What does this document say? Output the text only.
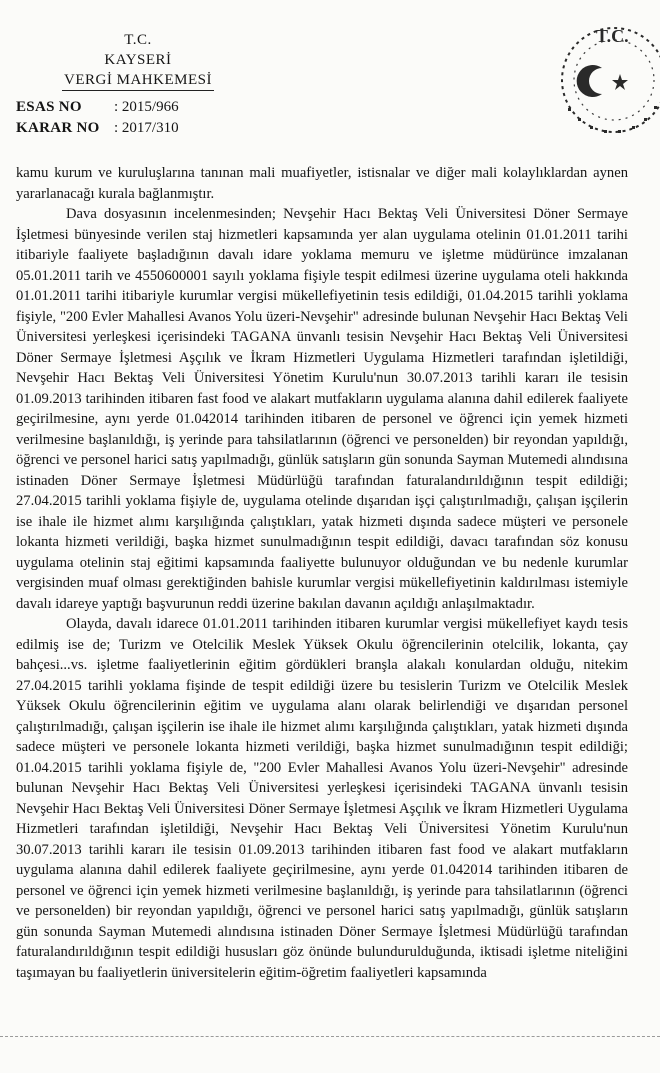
T.C.
KAYSERİ
VERGİ MAHKEMESİ
ESAS NO	: 2015/966
KARAR NO : 2017/310
T.C.

kamu kurum ve kuruluşlarına tanınan mali muafiyetler, istisnalar ve diğer mali kolaylıklardan aynen yararlanacağı kurala bağlanmıştır.

Dava dosyasının incelenmesinden; Nevşehir Hacı Bektaş Veli Üniversitesi Döner Sermaye İşletmesi bünyesinde verilen staj hizmetleri kapsamında yer alan uygulama otelinin 01.01.2011 tarihi itibariyle faaliyete başladığının davalı idare yoklama memuru ve işletme müdürünce imzalanan 05.01.2011 tarih ve 4550600001 sayılı yoklama fişiyle tespit edilmesi üzerine uygulama oteli hakkında 01.01.2011 tarihi itibariyle kurumlar vergisi mükellefiyetinin tesis edildiği, 01.04.2015 tarihli yoklama fişiyle, "200 Evler Mahallesi Avanos Yolu üzeri-Nevşehir" adresinde bulunan Nevşehir Hacı Bektaş Veli Üniversitesi yerleşkesi içerisindeki TAGANA ünvanlı tesisin Nevşehir Hacı Bektaş Veli Üniversitesi Döner Sermaye İşletmesi Aşçılık ve İkram Hizmetleri Uygulama Hizmetleri tarafından işletildiği, Nevşehir Hacı Bektaş Veli Üniversitesi Yönetim Kurulu'nun 30.07.2013 tarihli kararı ile tesisin 01.09.2013 tarihinden itibaren fast food ve alakart mutfakların uygulama alanına dahil edilerek faaliyete geçirilmesine, aynı yerde 01.042014 tarihinden itibaren de personel ve öğrenci için yemek hizmeti verilmesine başlanıldığı, iş yerinde para tahsilatlarının (öğrenci ve personelden) bir reyondan yapıldığı, öğrenci ve personel harici satış yapılmadığı, günlük satışların gün sonunda Sayman Mutemedi alındısına istinaden Döner Sermaye İşletmesi Müdürlüğü tarafından faturalandırıldığının tespit edildiği; 27.04.2015 tarihli yoklama fişiyle de, uygulama otelinde dışarıdan işçi çalıştırılmadığı, çalışan işçilerin ise ihale ile hizmet alımı karşılığında çalıştıkları, yatak hizmeti dışında sadece müşteri ve personele lokanta hizmeti verildiği, başka hizmet sunulmadığının tespit edildiği, davacı tarafından söz konusu uygulama otelinin staj eğitimi kapsamında faaliyette bulunuyor olduğundan ve bu nedenle kurumlar vergisinden muaf olması gerektiğinden bahisle kurumlar vergisi mükellefiyetinin kaldırılması istemiyle davalı idareye yaptığı başvurunun reddi üzerine bakılan davanın açıldığı anlaşılmaktadır.

Olayda, davalı idarece 01.01.2011 tarihinden itibaren kurumlar vergisi mükellefiyet kaydı tesis edilmiş ise de; Turizm ve Otelcilik Meslek Yüksek Okulu öğrencilerinin otelcilik, lokanta, çay bahçesi...vs. işletme faaliyetlerinin eğitim gördükleri branşla alakalı konulardan olduğu, nitekim 27.04.2015 tarihli yoklama fişinde de tespit edildiği üzere bu tesislerin Turizm ve Otelcilik Meslek Yüksek Okulu öğrencilerinin eğitim ve uygulama alanı olarak belirlendiği ve dışarıdan personel çalıştırılmadığı, çalışan işçilerin ise ihale ile hizmet alımı karşılığında çalıştıkları, yatak hizmeti dışında sadece müşteri ve personele lokanta hizmeti verildiği, başka hizmet sunulmadığının tespit edildiği; 01.04.2015 tarihli yoklama fişiyle de, "200 Evler Mahallesi Avanos Yolu üzeri-Nevşehir" adresinde bulunan Nevşehir Hacı Bektaş Veli Üniversitesi yerleşkesi içerisindeki TAGANA ünvanlı tesisin Nevşehir Hacı Bektaş Veli Üniversitesi Döner Sermaye İşletmesi Aşçılık ve İkram Hizmetleri Uygulama Hizmetleri tarafından işletildiği, Nevşehir Hacı Bektaş Veli Üniversitesi Yönetim Kurulu'nun 30.07.2013 tarihli kararı ile tesisin 01.09.2013 tarihinden itibaren fast food ve alakart mutfakların uygulama alanına dahil edilerek faaliyete geçirilmesine, aynı yerde 01.042014 tarihinden itibaren de personel ve öğrenci için yemek hizmeti verilmesine başlanıldığı, iş yerinde para tahsilatlarının (öğrenci ve personelden) bir reyondan yapıldığı, öğrenci ve personel harici satış yapılmadığı, günlük satışların gün sonunda Sayman Mutemedi alındısına istinaden Döner Sermaye İşletmesi Müdürlüğü tarafından faturalandırıldığının tespit edildiği hususları göz önünde bulundurulduğunda, iktisadi işletme niteliğini taşımayan bu faaliyetlerin üniversitelerin eğitim-öğretim faaliyetleri kapsamında
